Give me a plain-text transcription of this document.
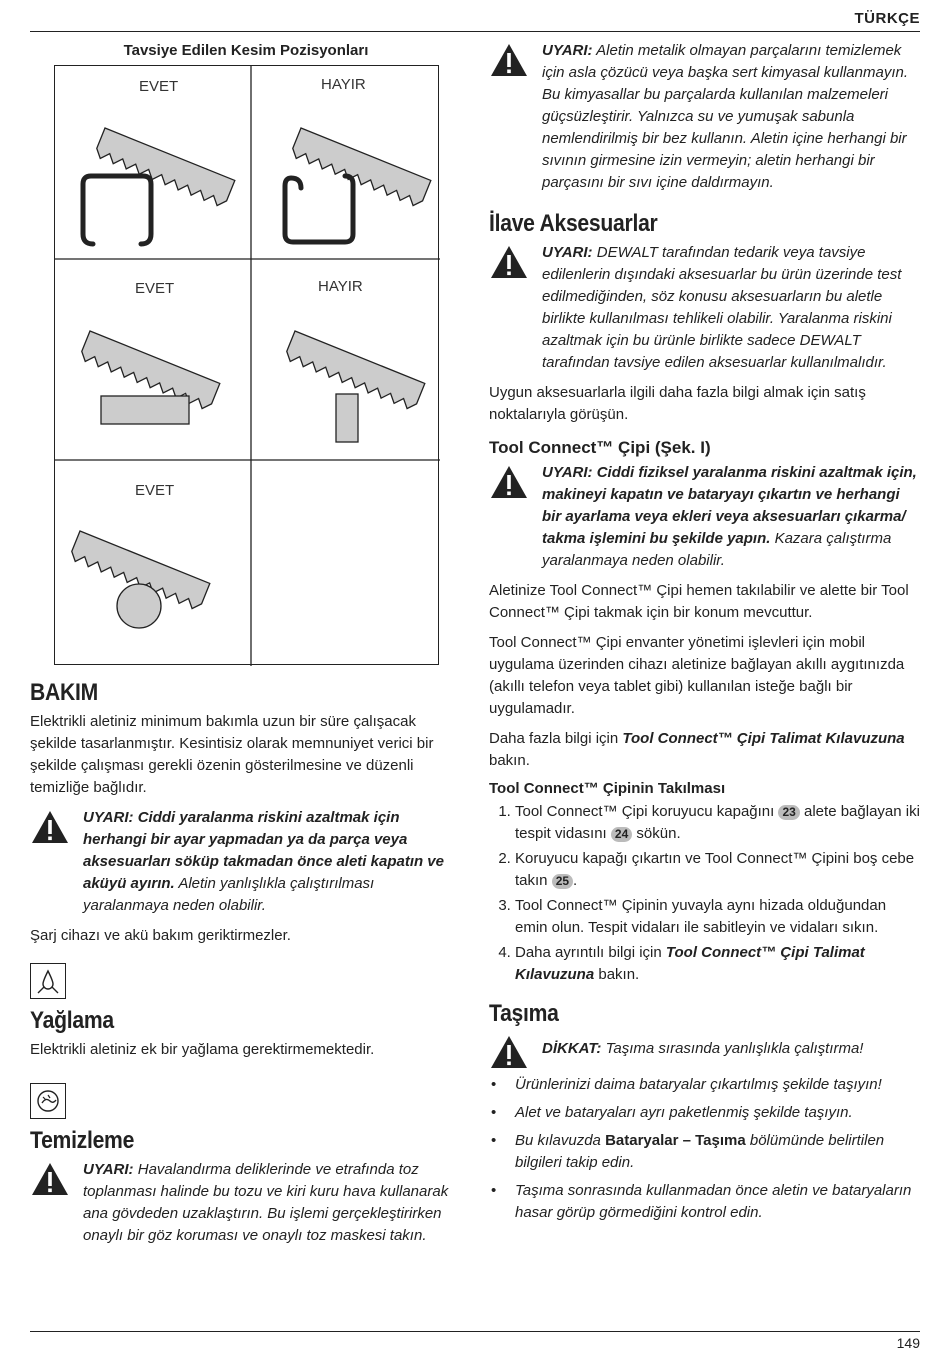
TÜRKÇE
Tavsiye Edilen Kesim Pozisyonları
EVET	HAYIR
EVET	HAYIR
EVET
BAKIM

Elektrikli aletiniz minimum bakımla uzun bir süre çalışacak şekilde tasarlanmıştır. Kesintisiz olarak memnuniyet verici bir şekilde çalışması gerekli özenin gösterilmesine ve düzenli temizliğe bağlıdır.

UYARI: Ciddi yaralanma riskini azaltmak için herhangi bir ayar yapmadan ya da parça veya aksesuarları söküp takmadan önce aleti kapatın ve aküyü ayırın. Aletin yanlışlıkla çalıştırılması yaralanmaya neden olabilir.

Şarj cihazı ve akü bakım geriktirmezler.

Yağlama

Elektrikli aletiniz ek bir yağlama gerektirmemektedir.

Temizleme

UYARI: Havalandırma deliklerinde ve etrafında toz toplanması halinde bu tozu ve kiri kuru hava kullanarak ana gövdeden uzaklaştırın. Bu işlemi gerçekleştirirken onaylı bir göz koruması ve onaylı toz maskesi takın.

UYARI: Aletin metalik olmayan parçalarını temizlemek için asla çözücü veya başka sert kimyasal kullanmayın. Bu kimyasallar bu parçalarda kullanılan malzemeleri güçsüzleştirir. Yalnızca su ve yumuşak sabunla nemlendirilmiş bir bez kullanın. Aletin içine herhangi bir sıvının girmesine izin vermeyin; aletin herhangi bir parçasını bir sıvı içine daldırmayın.

İlave Aksesuarlar

UYARI: DEWALT tarafından tedarik veya tavsiye edilenlerin dışındaki aksesuarlar bu ürün üzerinde test edilmediğinden, söz konusu aksesuarların bu aletle birlikte kullanılması tehlikeli olabilir. Yaralanma riskini azaltmak için bu ürünle birlikte sadece DEWALT tarafından tavsiye edilen aksesuarlar kullanılmalıdır.

Uygun aksesuarlarla ilgili daha fazla bilgi almak için satış noktalarıyla görüşün.

Tool Connect™ Çipi (Şek. I)

UYARI: Ciddi fiziksel yaralanma riskini azaltmak için, makineyi kapatın ve bataryayı çıkartın ve herhangi bir ayarlama veya ekleri veya aksesuarları çıkarma/ takma işlemini bu şekilde yapın. Kazara çalıştırma yaralanmaya neden olabilir.

Aletinize Tool Connect™ Çipi hemen takılabilir ve alette bir Tool Connect™ Çipi takmak için bir konum mevcuttur.

Tool Connect™ Çipi envanter yönetimi işlevleri için mobil uygulama üzerinden cihazı aletinize bağlayan akıllı aygıtınızda (akıllı telefon veya tablet gibi) kullanılan isteğe bağlı bir uygulamadır.

Daha fazla bilgi için Tool Connect™ Çipi Talimat Kılavuzuna bakın.

Tool Connect™ Çipinin Takılması
1. Tool Connect™ Çipi koruyucu kapağını 23 alete bağlayan iki tespit vidasını 24 sökün.
2. Koruyucu kapağı çıkartın ve Tool Connect™ Çipini boş cebe takın 25 .
3. Tool Connect™ Çipinin yuvayla aynı hizada olduğundan emin olun. Tespit vidaları ile sabitleyin ve vidaları sıkın.
4. Daha ayrıntılı bilgi için Tool Connect™ Çipi Talimat Kılavuzuna bakın.
Taşıma

DİKKAT: Taşıma sırasında yanlışlıkla çalıştırma!

• Ürünlerinizi daima bataryalar çıkartılmış şekilde taşıyın!
• Alet ve bataryaları ayrı paketlenmiş şekilde taşıyın.
• Bu kılavuzda Bataryalar – Taşıma bölümünde belirtilen bilgileri takip edin.
• Taşıma sonrasında kullanmadan önce aletin ve bataryaların hasar görüp görmediğini kontrol edin.
149
